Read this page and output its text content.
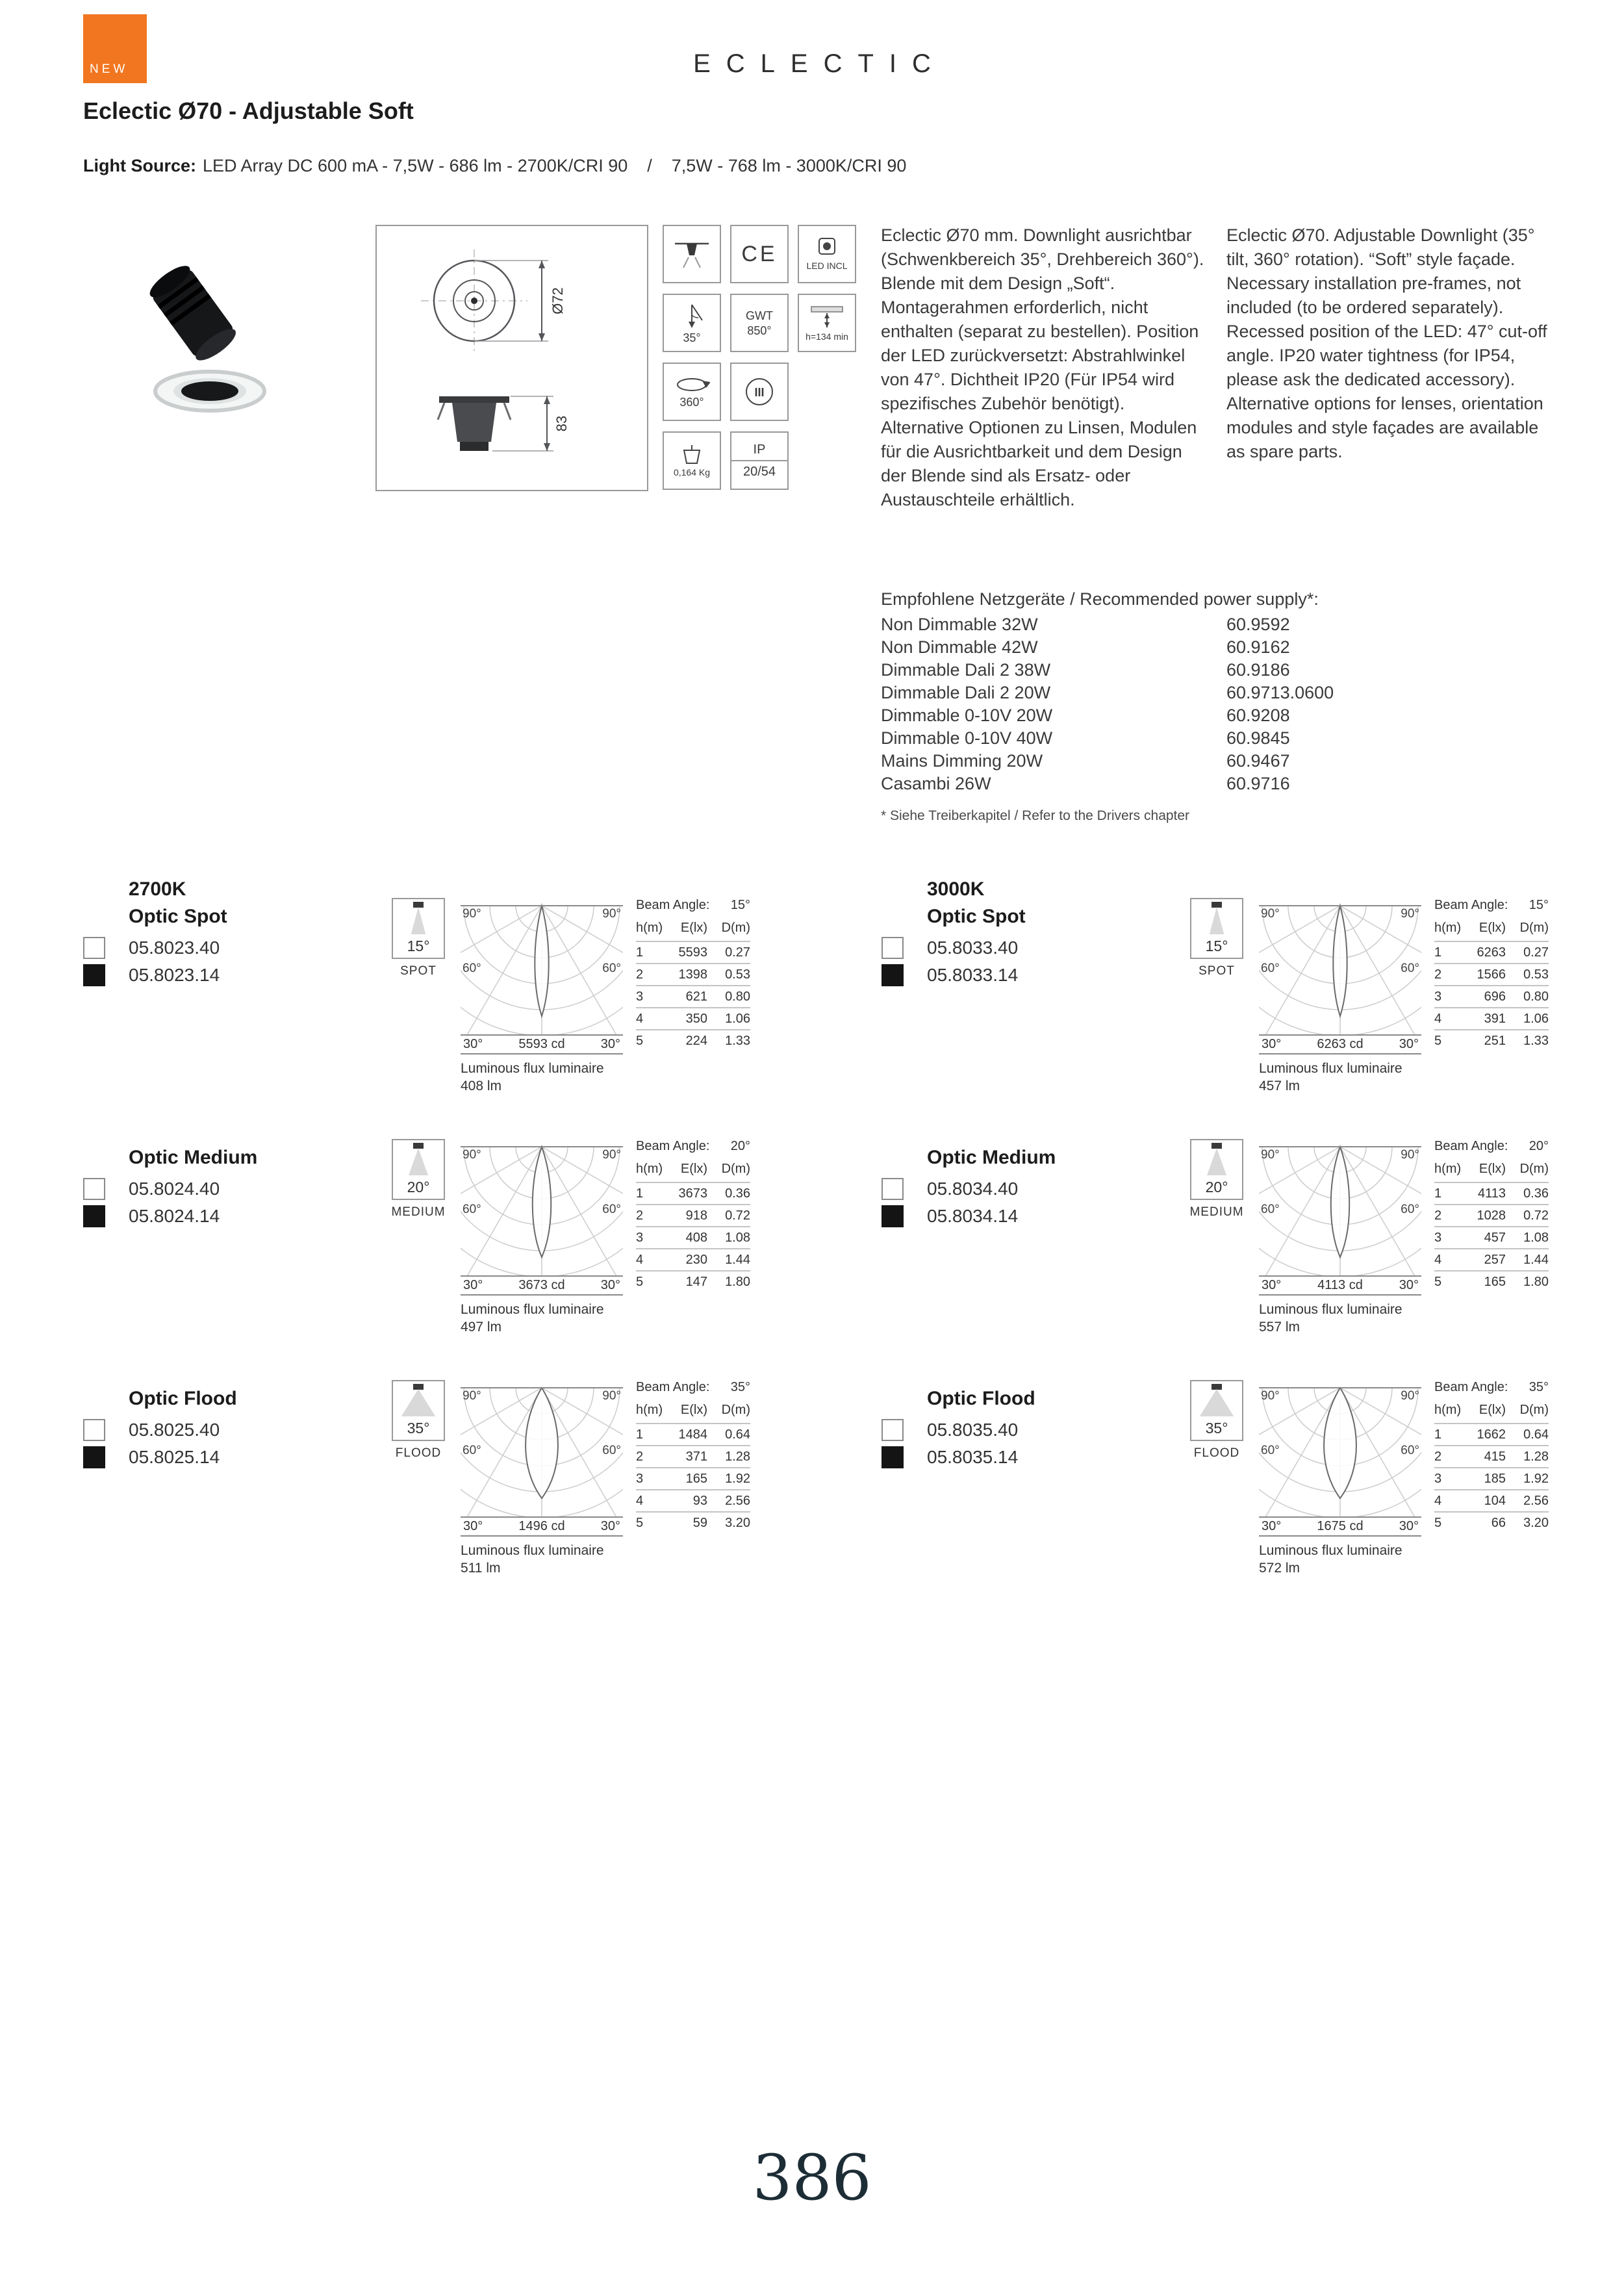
NEW	ECLECTIC
Eclectic Ø70 - Adjustable Soft
Light Source: LED Array DC 600 mA - 7,5W - 686 lm - 2700K/CRI 90    /    7,5W - 768 lm - 3000K/CRI 90
Ø72
83
CE	LED INCL
35°
GWT
850°	h=134 min
360°
III
0,164 Kg
IP
20/54
Eclectic Ø70 mm. Downlight ausrichtbar (Schwenkbereich 35°, Drehbereich 360°). Blende mit dem Design „Soft“. Montagerahmen erforderlich, nicht enthalten (separat zu bestellen). Position der LED zurückversetzt: Abstrahlwinkel von 47°. Dichtheit IP20 (Für IP54 wird spezifisches Zubehör benötigt). Alternative Optionen zu Linsen, Modulen für die Ausrichtbarkeit und dem Design der Blende sind als Ersatz- oder Austauschteile erhältlich.
Eclectic Ø70. Adjustable Downlight (35° tilt, 360° rotation). “Soft” style façade. Necessary installation pre-frames, not included (to be ordered separately). Recessed position of the LED: 47° cut-off angle. IP20 water tightness (for IP54, please ask the dedicated accessory). Alternative options for lenses, orientation modules and style façades are available as spare parts.
Empfohlene Netzgeräte / Recommended power supply*:
Non Dimmable 32W	60.9592
Non Dimmable 42W	60.9162
Dimmable Dali 2 38W	60.9186
Dimmable Dali 2 20W	60.9713.0600
Dimmable 0-10V 20W	60.9208
Dimmable 0-10V 40W	60.9845
Mains Dimming 20W	60.9467
Casambi 26W	60.9716
* Siehe Treiberkapitel / Refer to the Drivers chapter
2700K
Optic Spot
05.8023.40
05.8023.14
15°
SPOT
90°	90°
60°	60°
30°	5593 cd	30°
Luminous flux luminaire
408 lm
Beam Angle: 15°
h(m)	E(lx)	D(m)
1	5593	0.27
2	1398	0.53
3	621	0.80
4	350	1.06
5	224	1.33
3000K
Optic Spot
05.8033.40
05.8033.14
15°
SPOT
90°	90°
60°	60°
30°	6263 cd	30°
Luminous flux luminaire
457 lm
Beam Angle: 15°
h(m)	E(lx)	D(m)
1	6263	0.27
2	1566	0.53
3	696	0.80
4	391	1.06
5	251	1.33
Optic Medium
05.8024.40
05.8024.14
20°
MEDIUM
90°	90°
60°	60°
30°	3673 cd	30°
Luminous flux luminaire
497 lm
Beam Angle: 20°
h(m)	E(lx)	D(m)
1	3673	0.36
2	918	0.72
3	408	1.08
4	230	1.44
5	147	1.80
Optic Medium
05.8034.40
05.8034.14
20°
MEDIUM
90°	90°
60°	60°
30°	4113 cd	30°
Luminous flux luminaire
557 lm
Beam Angle: 20°
h(m)	E(lx)	D(m)
1	4113	0.36
2	1028	0.72
3	457	1.08
4	257	1.44
5	165	1.80
Optic Flood
05.8025.40
05.8025.14
35°
FLOOD
90°	90°
60°	60°
30°	1496 cd	30°
Luminous flux luminaire
511 lm
Beam Angle: 35°
h(m)	E(lx)	D(m)
1	1484	0.64
2	371	1.28
3	165	1.92
4	93	2.56
5	59	3.20
Optic Flood
05.8035.40
05.8035.14
35°
FLOOD
90°	90°
60°	60°
30°	1675 cd	30°
Luminous flux luminaire
572 lm
Beam Angle: 35°
h(m)	E(lx)	D(m)
1	1662	0.64
2	415	1.28
3	185	1.92
4	104	2.56
5	66	3.20
386
